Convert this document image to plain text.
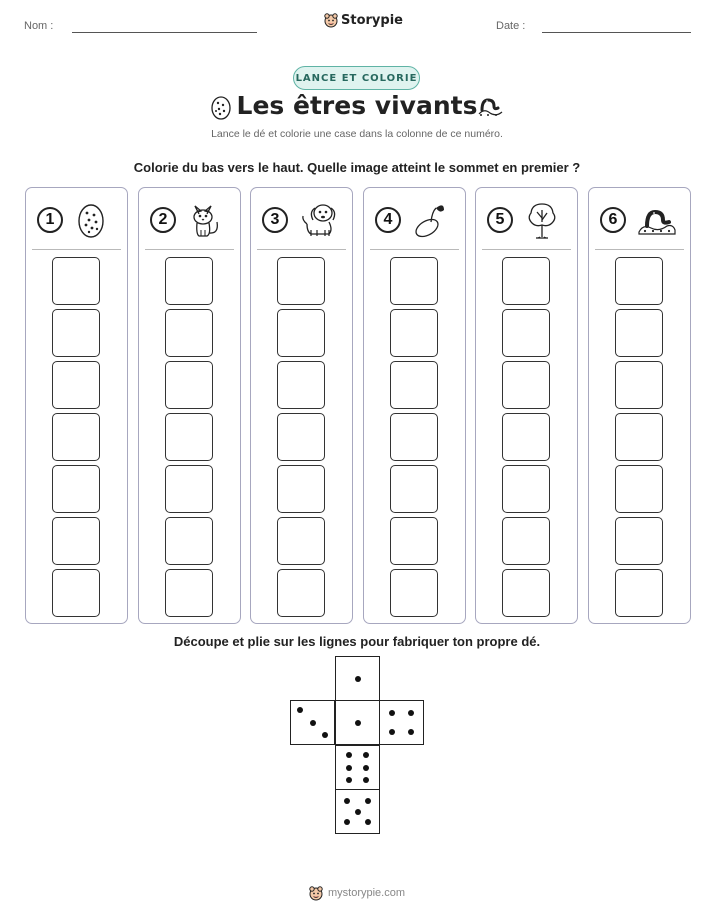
Nom :	Storypie	Date :
LANCE ET COLORIE
Les êtres vivants
Lance le dé et colorie une case dans la colonne de ce numéro.
Colorie du bas vers le haut. Quelle image atteint le sommet en premier ?
1	2	3	4	5	6
Découpe et plie sur les lignes pour fabriquer ton propre dé.
mystorypie.com
